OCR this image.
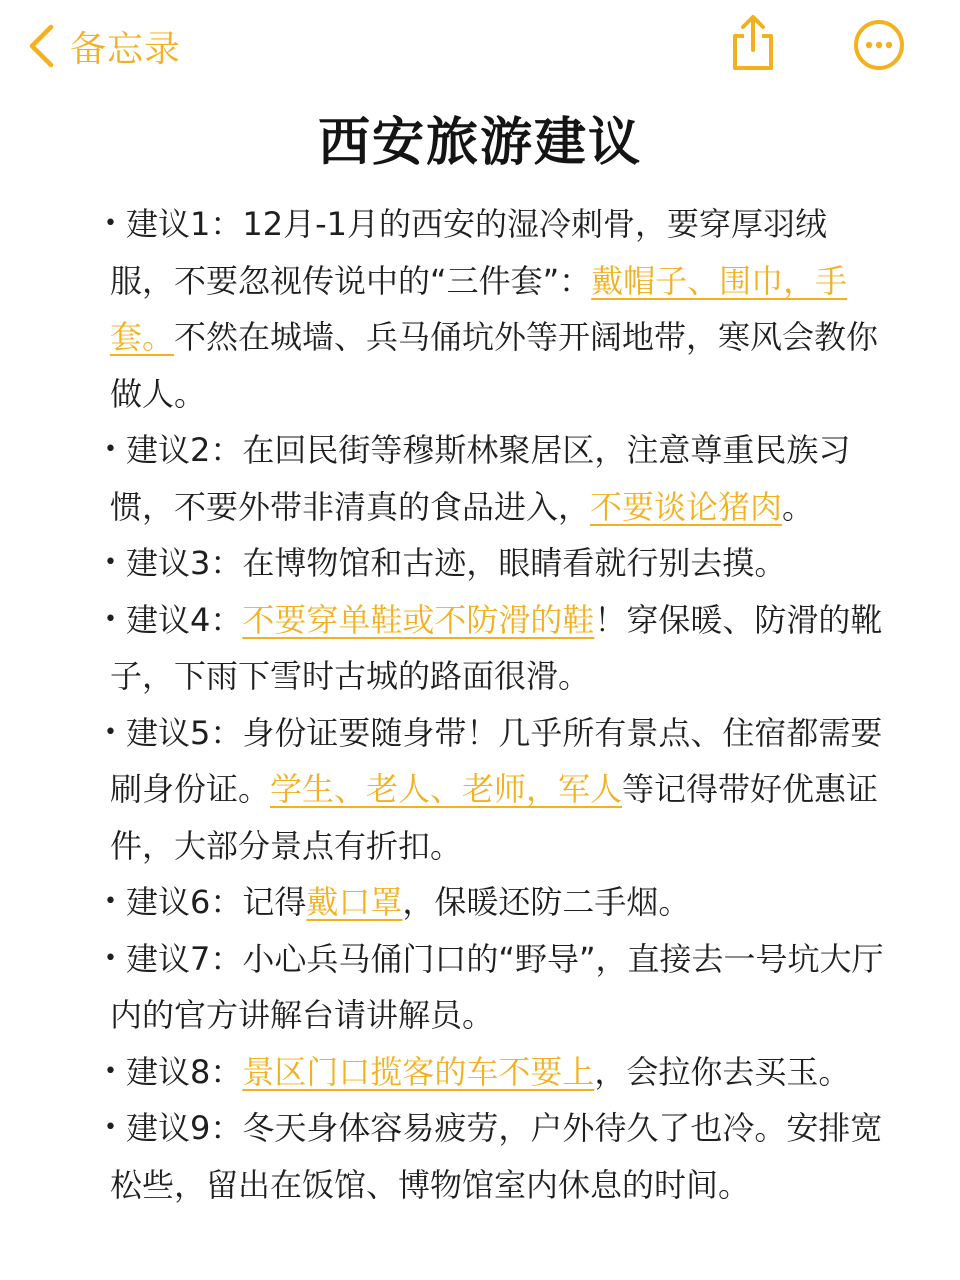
备忘录
西安旅游建议

• 建议1：12月-1月的西安的湿冷刺骨，要穿厚羽绒服，不要忽视传说中的“三件套”：戴帽子、围巾，手套。不然在城墙、兵马俑坑外等开阔地带，寒风会教你做人。

• 建议2：在回民街等穆斯林聚居区，注意尊重民族习惯，不要外带非清真的食品进入，不要谈论猪肉。

• 建议3：在博物馆和古迹，眼睛看就行别去摸。

• 建议4：不要穿单鞋或不防滑的鞋！穿保暖、防滑的靴子，下雨下雪时古城的路面很滑。

• 建议5：身份证要随身带！几乎所有景点、住宿都需要刷身份证。学生、老人、老师，军人等记得带好优惠证件，大部分景点有折扣。

• 建议6：记得戴口罩，保暖还防二手烟。

• 建议7：小心兵马俑门口的“野导”，直接去一号坑大厅内的官方讲解台请讲解员。

• 建议8：景区门口揽客的车不要上，会拉你去买玉。

• 建议9：冬天身体容易疲劳，户外待久了也冷。安排宽松些，留出在饭馆、博物馆室内休息的时间。
